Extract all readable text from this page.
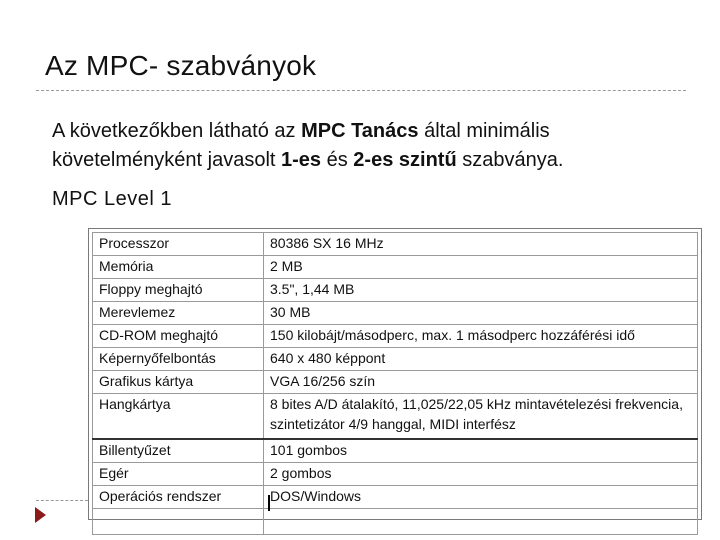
Az MPC- szabványok
A következőkben látható az MPC Tanács által minimális követelményként javasolt 1-es és 2-es szintű szabványa.
MPC Level 1
Processzor	80386 SX 16 MHz
Memória	2 MB
Floppy meghajtó	3.5", 1,44 MB
Merevlemez	30 MB
CD-ROM meghajtó	150 kilobájt/másodperc, max. 1 másodperc hozzáférési idő
Képernyőfelbontás	640 x 480 képpont
Grafikus kártya	VGA 16/256 szín
Hangkártya	8 bites A/D átalakító, 11,025/22,05 kHz mintavételezési frekvencia, szintetizátor 4/9 hanggal, MIDI interfész
Billentyűzet	101 gombos
Egér	2 gombos
Operációs rendszer	DOS/Windows
